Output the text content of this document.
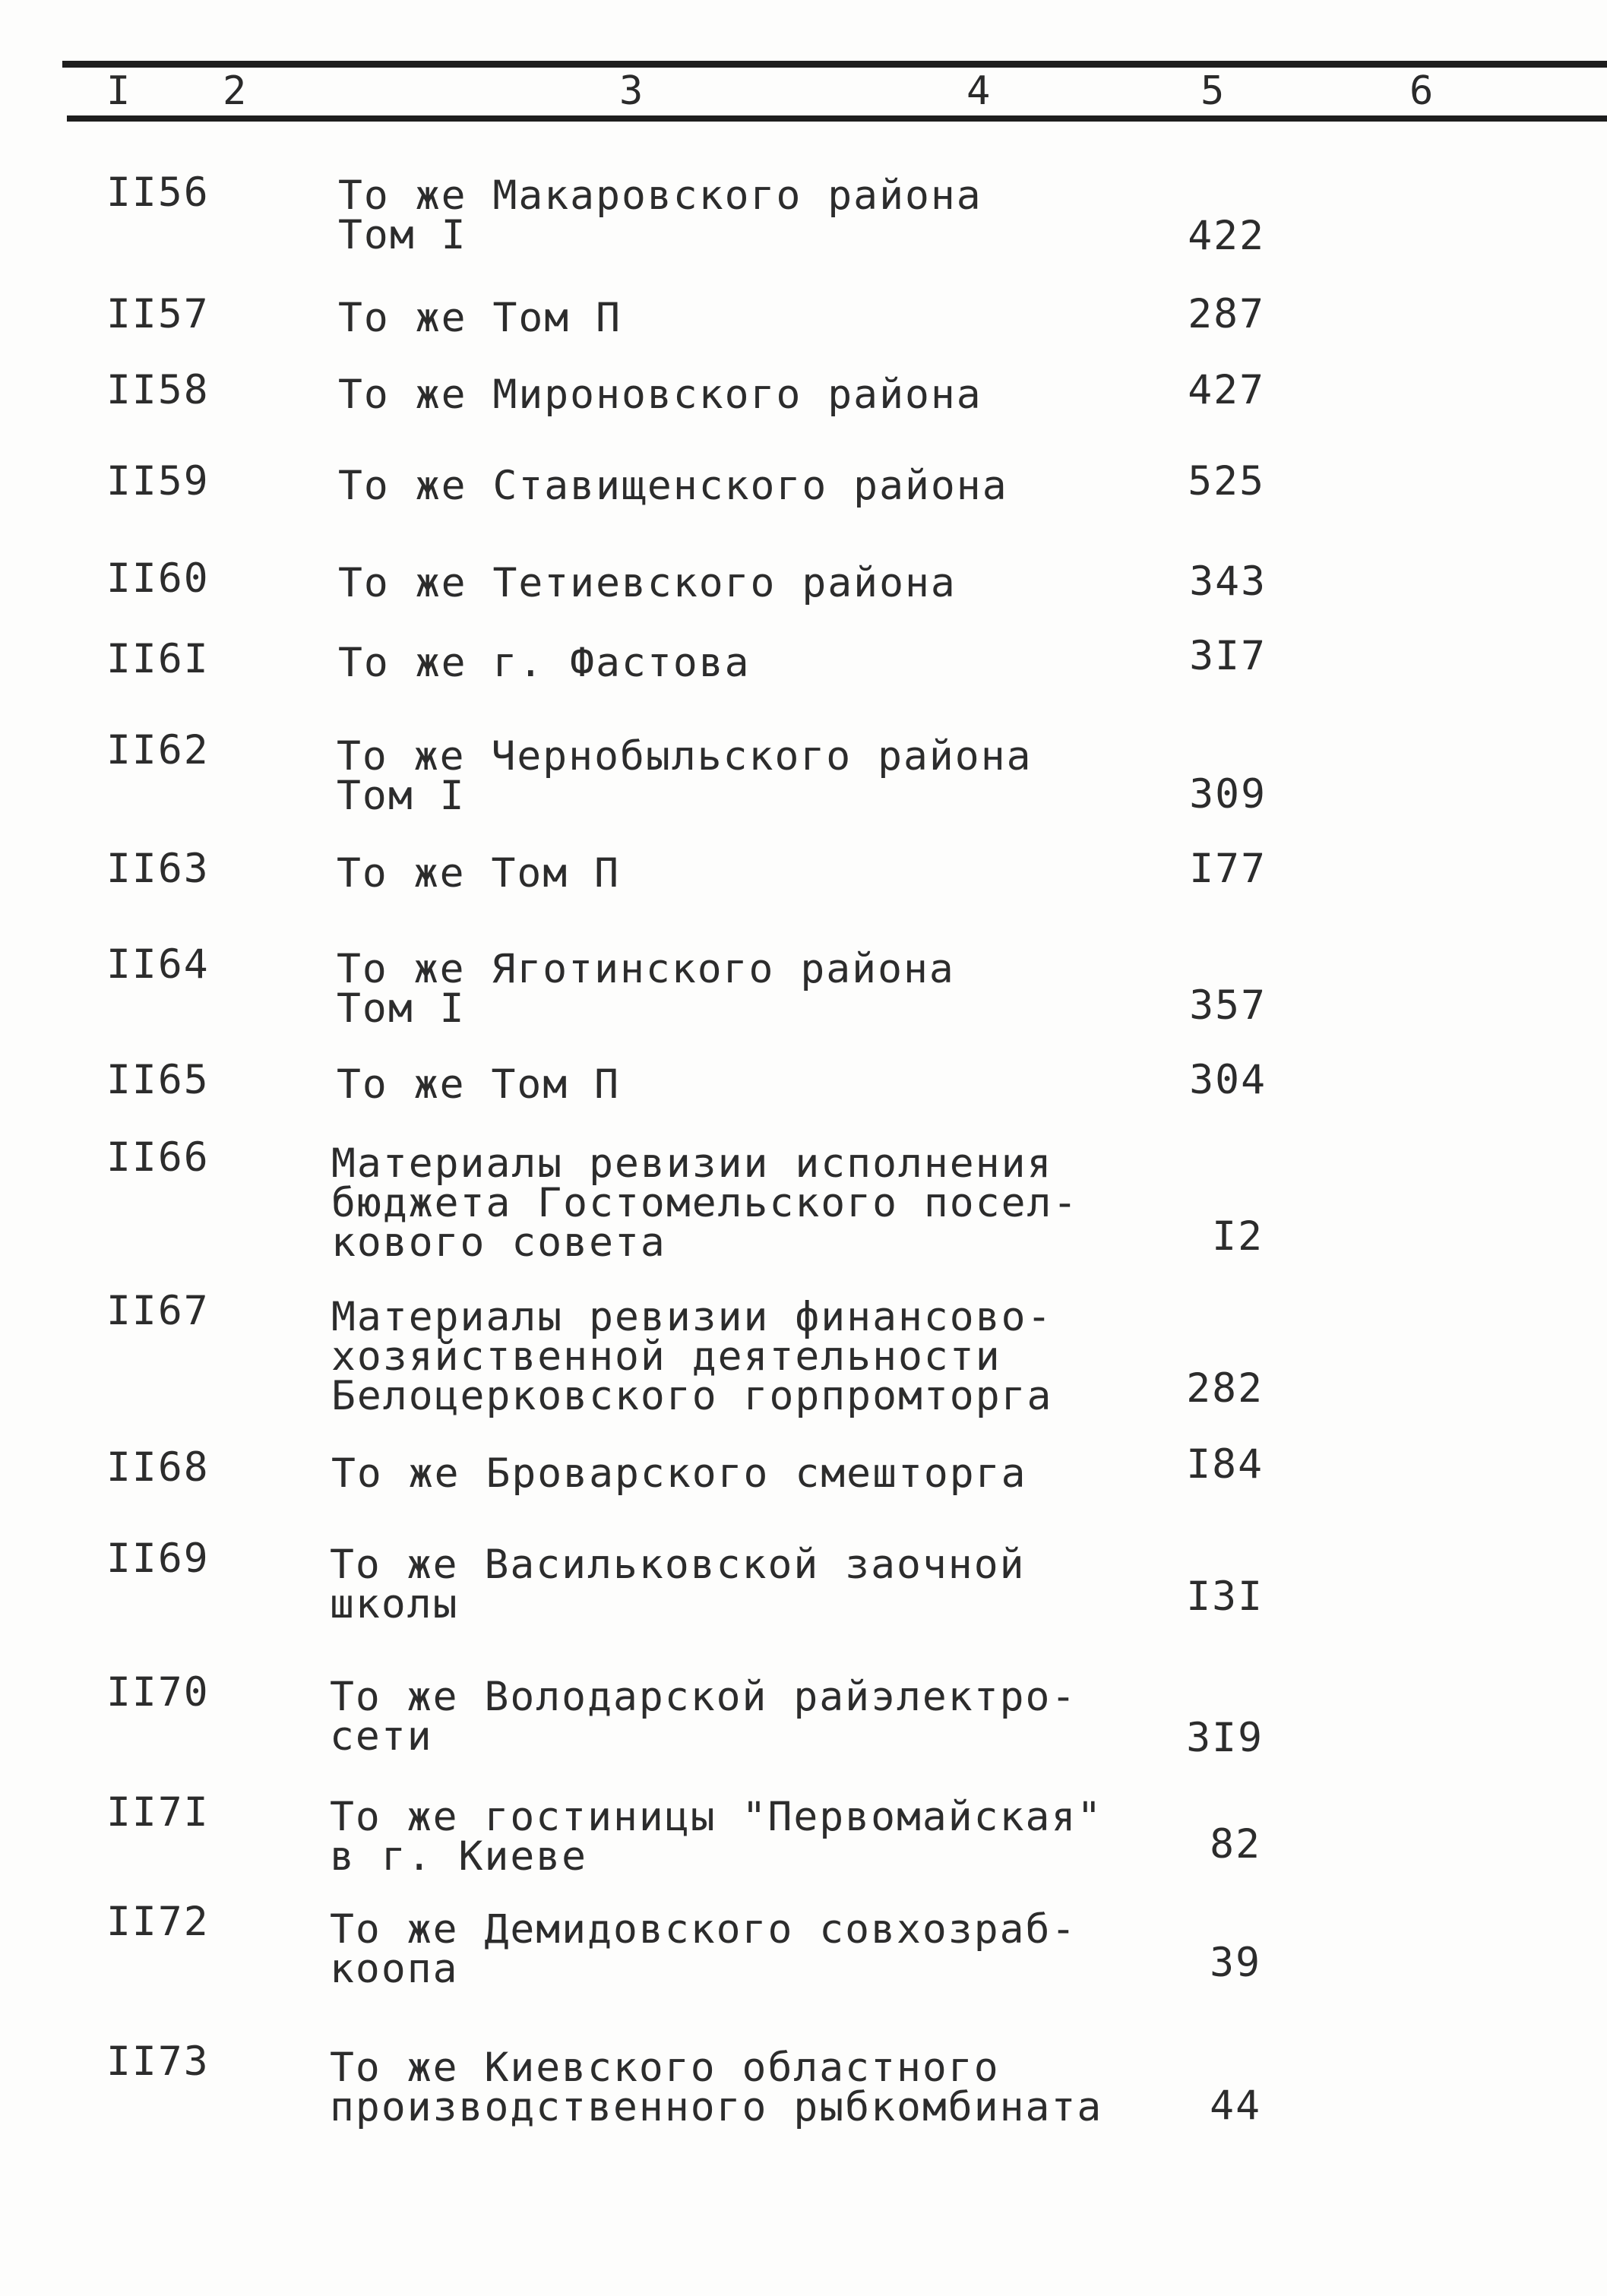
I 2	3	4	5	6
II56	То же Макаровского района
Том I	422
II57	То же Том П	287
II58	То же Мироновского района	427
II59	То же Ставищенского района	525
II60	То же Тетиевского района	343
II6I	То же г. Фастова	3I7
II62	То же Чернобыльского района
Том I	309
II63	То же Том П	I77
II64	То же Яготинского района
Том I	357
II65	То же Том П	304
II66	Материалы ревизии исполнения
бюджета Гостомельского посел-
кового совета	I2
II67	Материалы ревизии финансово-
хозяйственной деятельности
Белоцерковского горпромторга	282
II68	То же Броварского смешторга	I84
II69	То же Васильковской заочной
школы	I3I
II70	То же Володарской райэлектро-
сети	3I9
II7I	То же гостиницы "Первомайская"
в г. Киеве	82
II72	То же Демидовского совхозраб-
коопа	39
II73	То же Киевского областного
производственного рыбкомбината	44
